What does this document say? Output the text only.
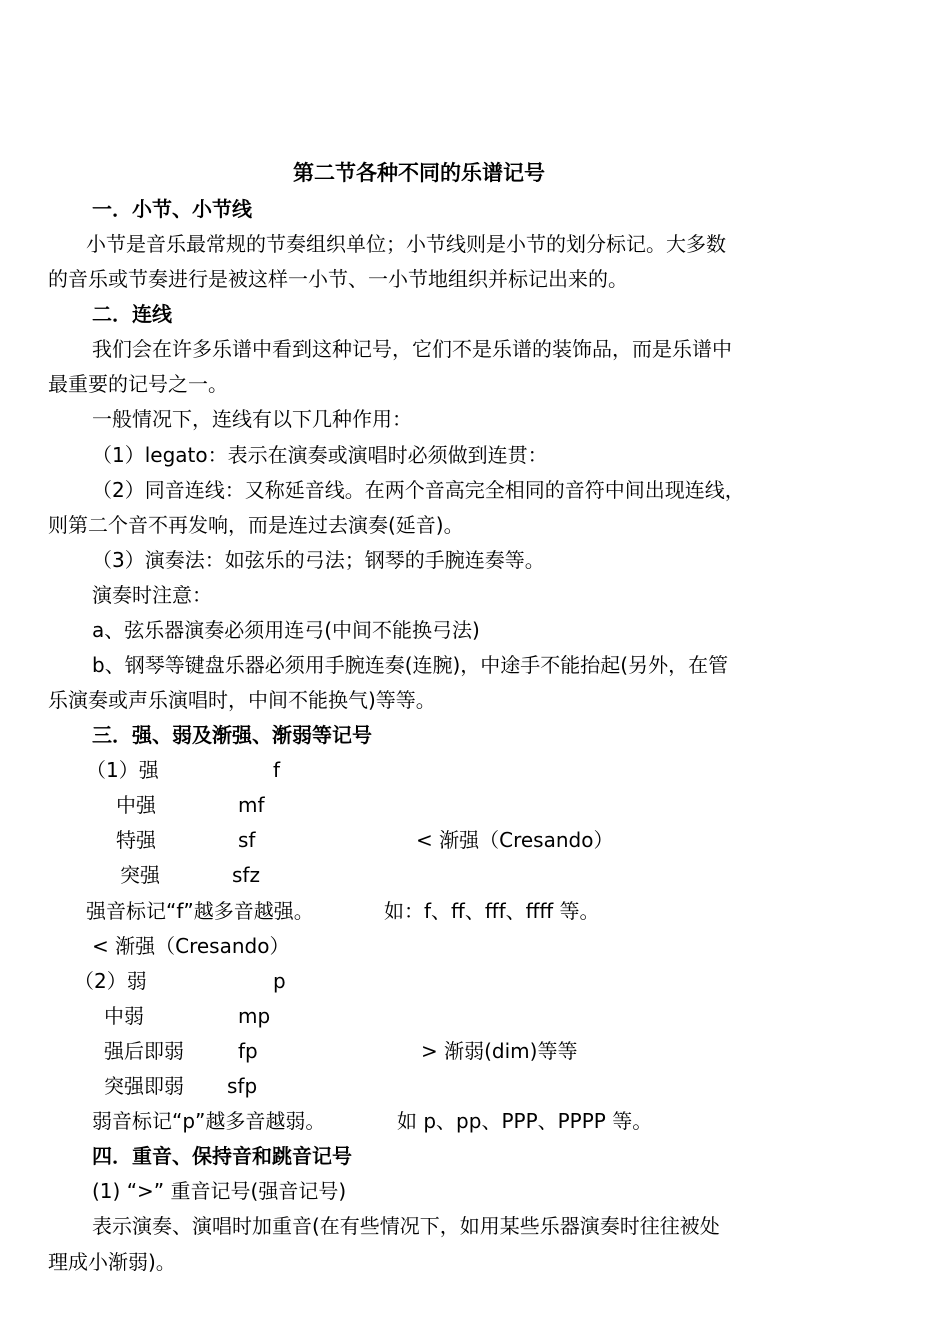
第二节各种不同的乐谱记号
一．小节、小节线
小节是音乐最常规的节奏组织单位；小节线则是小节的划分标记。大多数
的音乐或节奏进行是被这样一小节、一小节地组织并标记出来的。
二．连线
我们会在许多乐谱中看到这种记号，它们不是乐谱的装饰品，而是乐谱中
最重要的记号之一。
一般情况下，连线有以下几种作用：
（1）legato：表示在演奏或演唱时必须做到连贯：
（2）同音连线：又称延音线。在两个音高完全相同的音符中间出现连线，
则第二个音不再发响，而是连过去演奏(延音)。
（3）演奏法：如弦乐的弓法；钢琴的手腕连奏等。
演奏时注意：
a、弦乐器演奏必须用连弓(中间不能换弓法)
b、钢琴等键盘乐器必须用手腕连奏(连腕)，中途手不能抬起(另外，在管
乐演奏或声乐演唱时，中间不能换气)等等。
三．强、弱及渐强、渐弱等记号
（1）强	f
中强	mf
特强	sf	< 渐强（Cresando）
突强	sfz
强音标记“f”越多音越强。	如：f、ff、fff、ffff 等。
< 渐强（Cresando）
（2）弱	p
中弱	mp
强后即弱	fp	> 渐弱(dim)等等
突强即弱 sfp
弱音标记“p”越多音越弱。	如 p、pp、PPP、PPPP 等。
四．重音、保持音和跳音记号
(1) “>” 重音记号(强音记号)
表示演奏、演唱时加重音(在有些情况下，如用某些乐器演奏时往往被处
理成小渐弱)。
